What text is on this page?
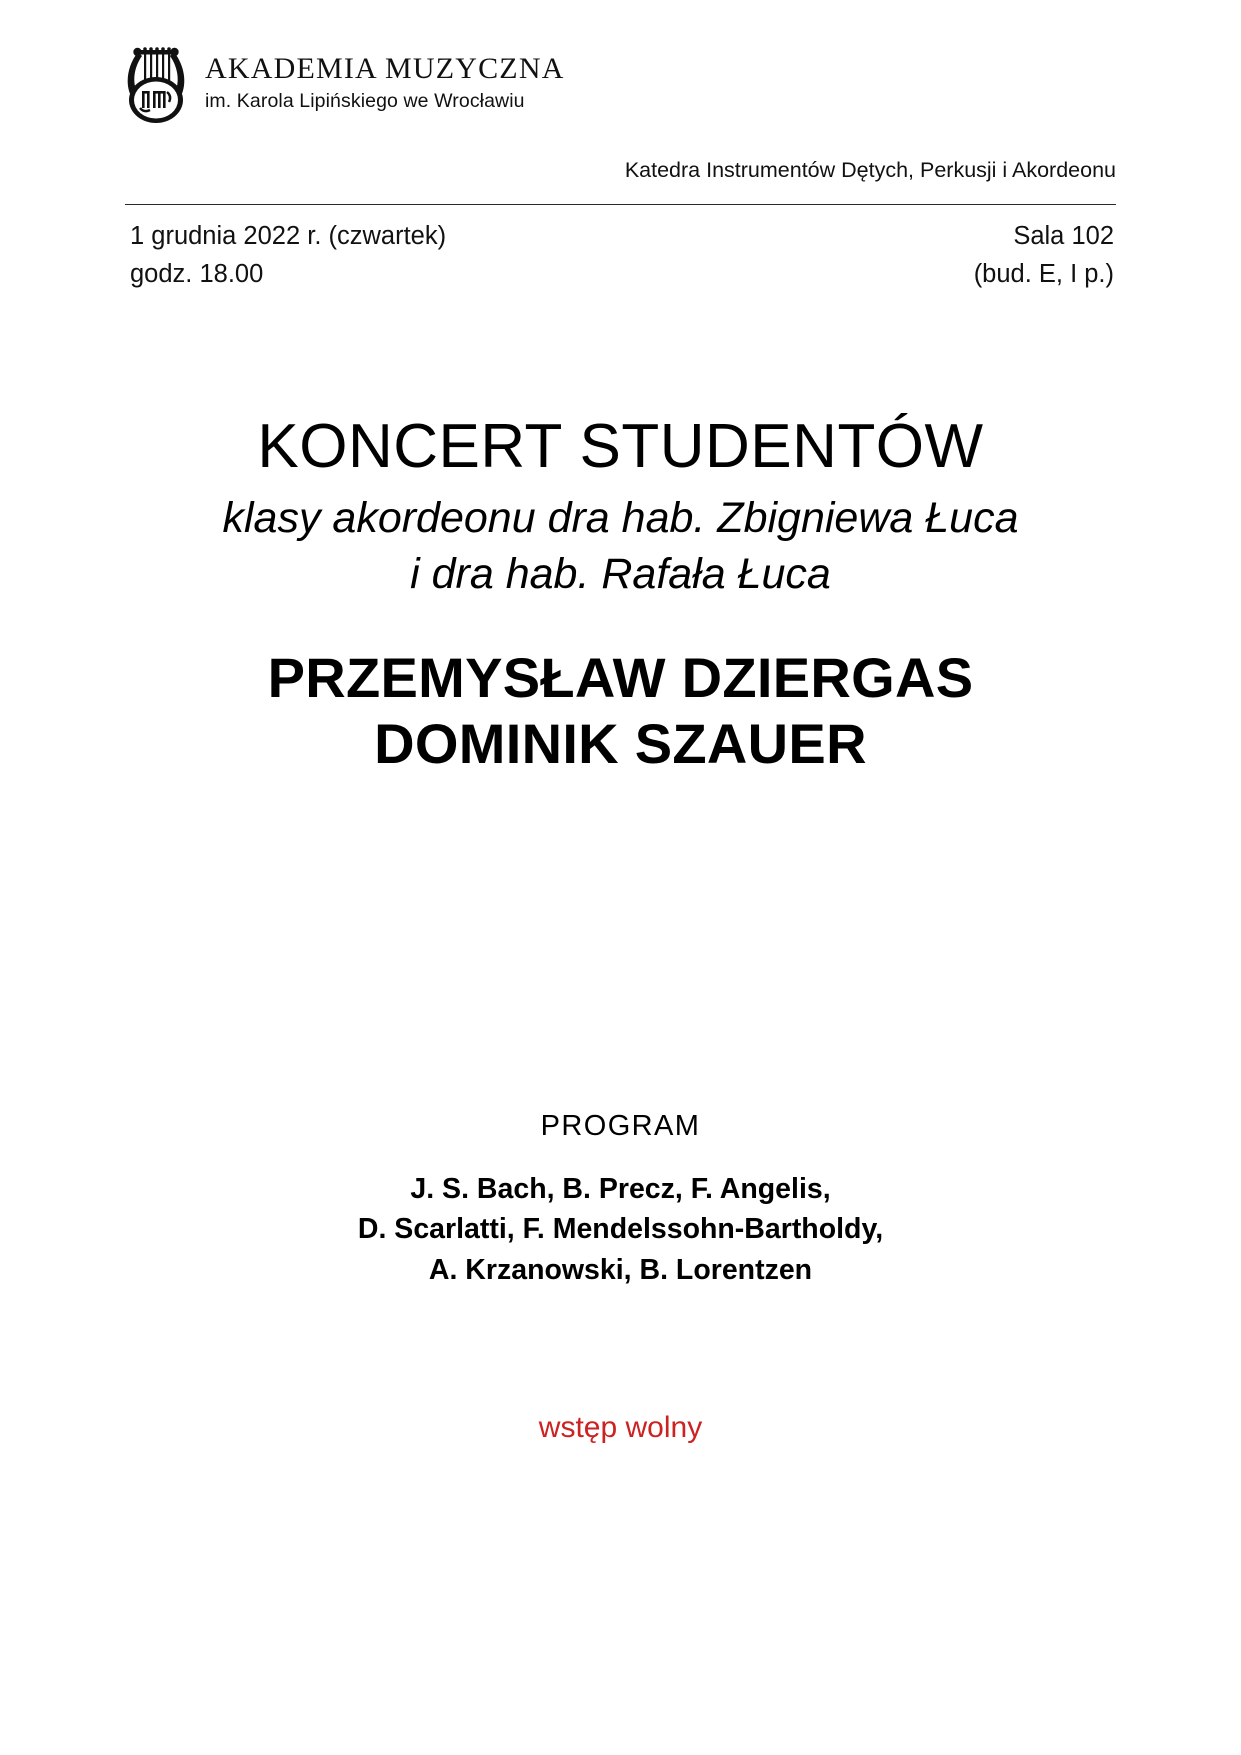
AKADEMIA MUZYCZNA
im. Karola Lipińskiego we Wrocławiu
Katedra Instrumentów Dętych, Perkusji i Akordeonu
1 grudnia 2022 r. (czwartek)
godz. 18.00
Sala 102
(bud. E, I p.)
KONCERT STUDENTÓW
klasy akordeonu dra hab. Zbigniewa Łuca
i dra hab. Rafała Łuca
PRZEMYSŁAW DZIERGAS
DOMINIK SZAUER
PROGRAM
J. S. Bach, B. Precz, F. Angelis,
D. Scarlatti, F. Mendelssohn-Bartholdy,
A. Krzanowski, B. Lorentzen
wstęp wolny
